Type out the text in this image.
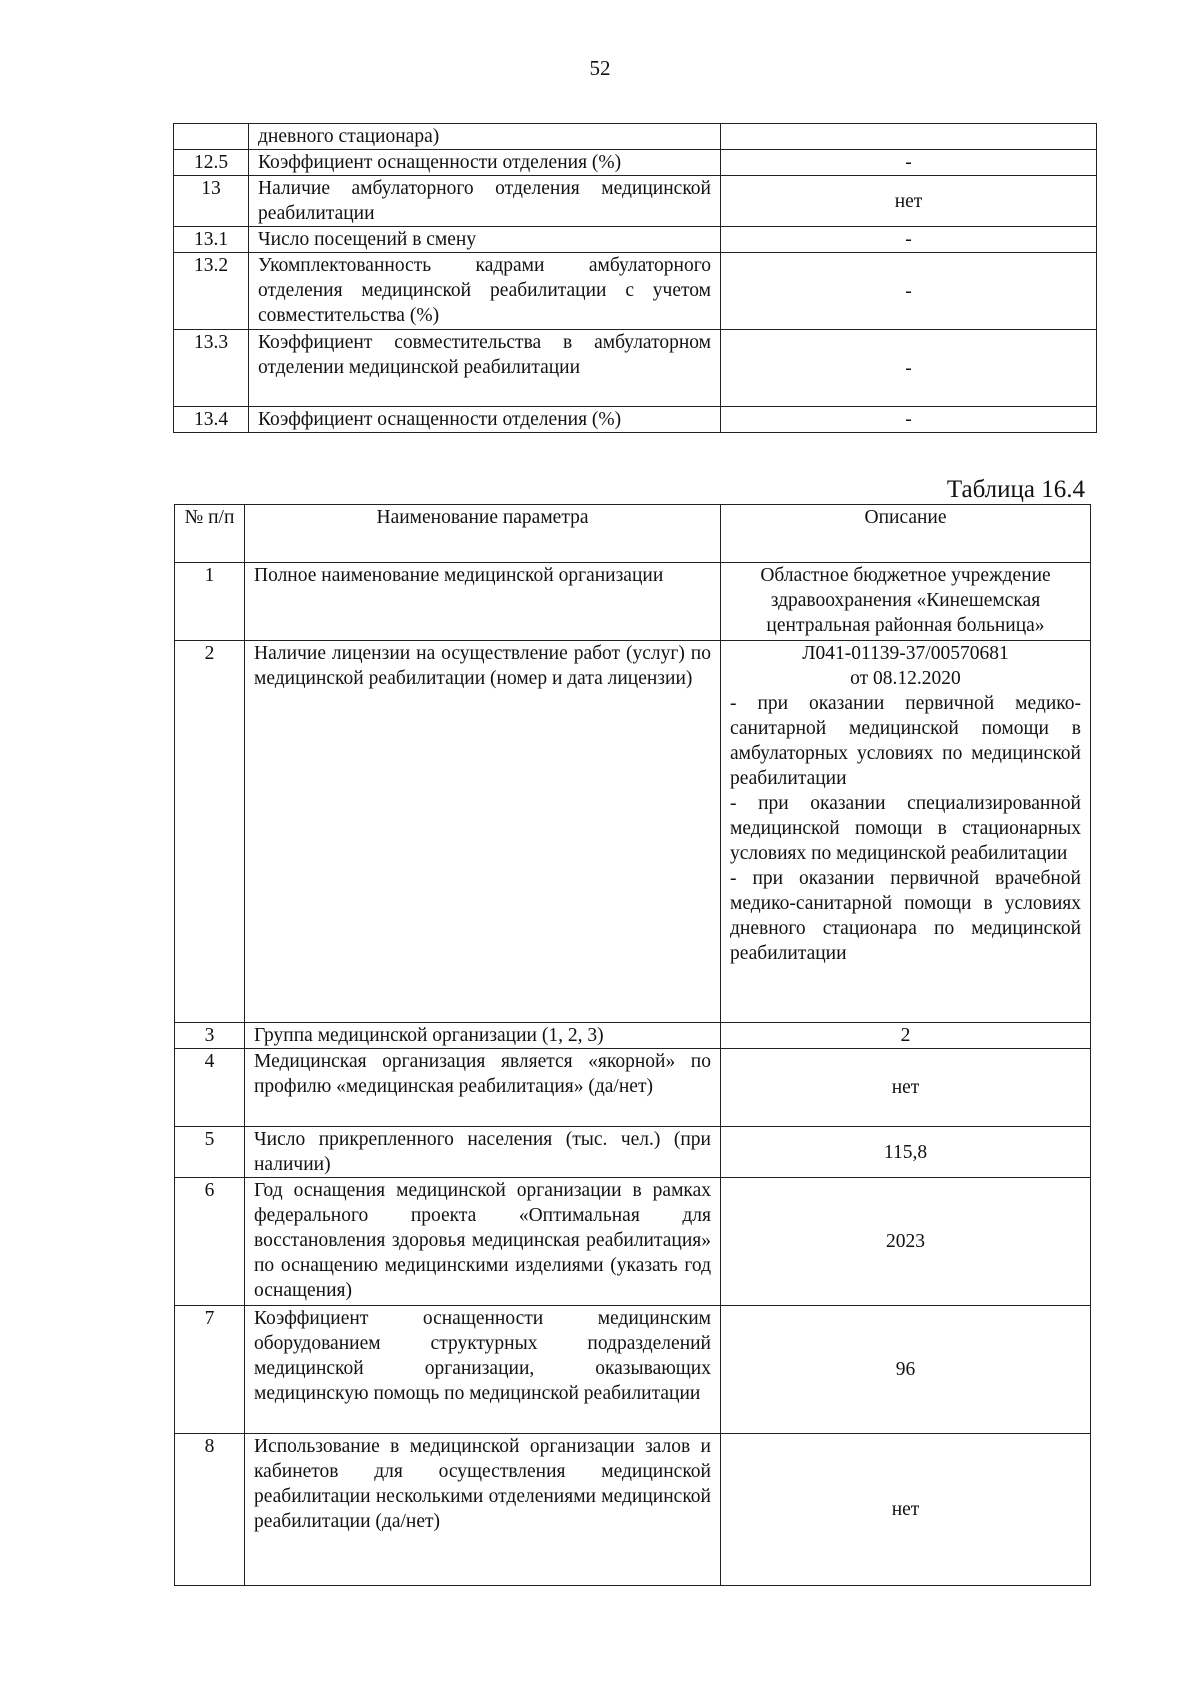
52
	дневного стационара)	
12.5	Коэффициент оснащенности отделения (%)	-
13	Наличие амбулаторного отделения медицинской реабилитации	нет
13.1	Число посещений в смену	-
13.2	Укомплектованность кадрами амбулаторного отделения медицинской реабилитации с учетом совместительства (%)	-
13.3	Коэффициент совместительства в амбулаторном отделении медицинской реабилитации	-
13.4	Коэффициент оснащенности отделения (%)	-
Таблица 16.4
№ п/п	Наименование параметра	Описание
1	Полное наименование медицинской организации	Областное бюджетное учреждение здравоохранения «Кинешемская центральная районная больница»
2	Наличие лицензии на осуществление работ (услуг) по медицинской реабилитации (номер и дата лицензии)	Л041-01139-37/00570681
от 08.12.2020
- при оказании первичной медико-санитарной медицинской помощи в амбулаторных условиях по медицинской реабилитации
- при оказании специализированной медицинской помощи в стационарных условиях по медицинской реабилитации
- при оказании первичной врачебной медико-санитарной помощи в условиях дневного стационара по медицинской реабилитации

3	Группа медицинской организации (1, 2, 3)	2
4	Медицинская организация является «якорной» по профилю «медицинская реабилитация» (да/нет)	нет
5	Число прикрепленного населения (тыс. чел.) (при наличии)	115,8
6	Год оснащения медицинской организации в рамках федерального проекта «Оптимальная для восстановления здоровья медицинская реабилитация» по оснащению медицинскими изделиями (указать год оснащения)	2023
7	Коэффициент оснащенности медицинским оборудованием структурных подразделений медицинской организации, оказывающих медицинскую помощь по медицинской реабилитации	96
8	Использование в медицинской организации залов и кабинетов для осуществления медицинской реабилитации несколькими отделениями медицинской реабилитации (да/нет)	нет
